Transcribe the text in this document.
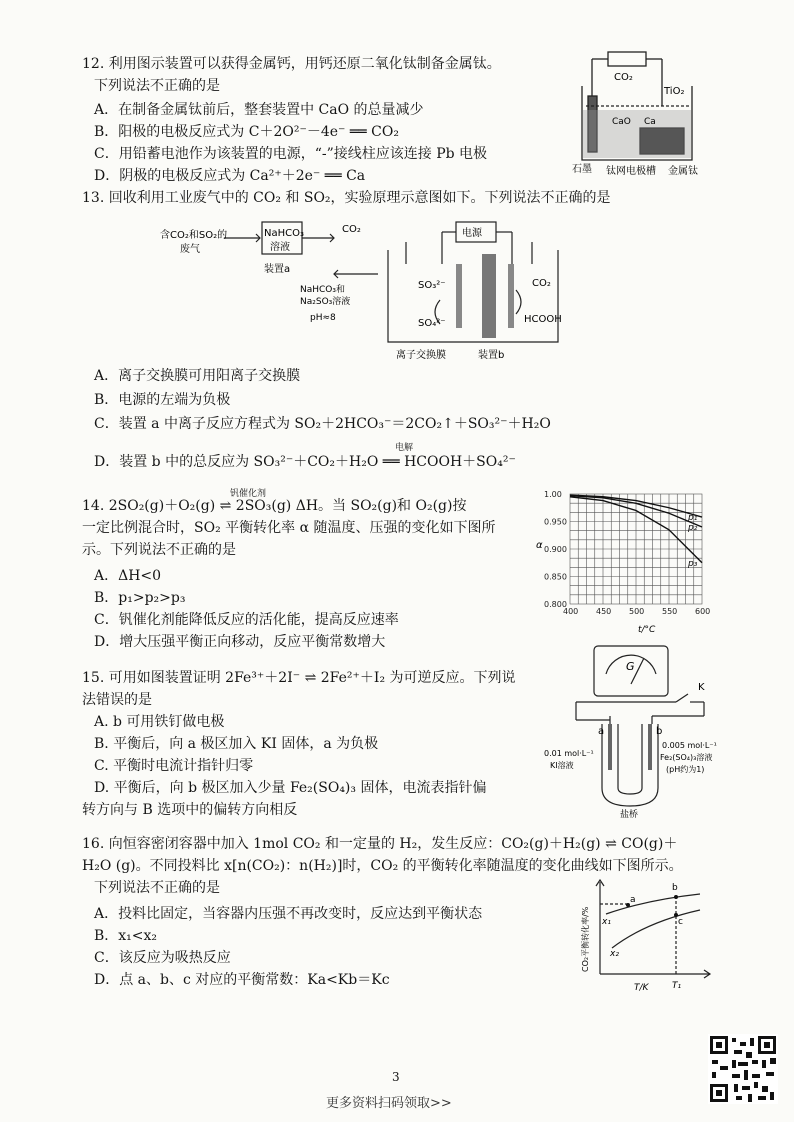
12. 利用图示装置可以获得金属钙，用钙还原二氧化钛制备金属钛。
下列说法不正确的是
A．在制备金属钛前后，整套装置中 CaO 的总量减少
B．阳极的电极反应式为 C＋2O²⁻－4e⁻ ══ CO₂
C．用铅蓄电池作为该装置的电源，“-”接线柱应该连接 Pb 电极
D．阴极的电极反应式为 Ca²⁺＋2e⁻ ══ Ca
CO₂
TiO₂
CaO Ca
石墨 钛网电极槽 金属钛
13. 回收利用工业废气中的 CO₂ 和 SO₂，实验原理示意图如下。下列说法不正确的是
含CO₂和SO₂的
废气
NaHCO₃
溶液
装置a
CO₂	电源
NaHCO₃和
Na₂SO₃溶液
pH≈8
SO₃²⁻
SO₄²⁻
CO₂
HCOOH
离子交换膜	装置b
A．离子交换膜可用阳离子交换膜
B．电源的左端为负极
C．装置 a 中离子反应方程式为 SO₂＋2HCO₃⁻＝2CO₂↑＋SO₃²⁻＋H₂O
电解
D．装置 b 中的总反应为 SO₃²⁻＋CO₂＋H₂O ══ HCOOH＋SO₄²⁻
钒催化剂
14. 2SO₂(g)＋O₂(g) ⇌ 2SO₃(g) ΔH。当 SO₂(g)和 O₂(g)按
一定比例混合时，SO₂ 平衡转化率 α 随温度、压强的变化如下图所
示。下列说法不正确的是
A．ΔH<0
B．p₁>p₂>p₃
C．钒催化剂能降低反应的活化能，提高反应速率
D．增大压强平衡正向移动，反应平衡常数增大
400 450 500 550 600
0.800
0.850
0.900
0.950
1.00
p₁
p₂
p₃
α
t/°C
15. 可用如图装置证明 2Fe³⁺＋2I⁻ ⇌ 2Fe²⁺＋I₂ 为可逆反应。下列说
法错误的是
A. b 可用铁钉做电极
B. 平衡后，向 a 极区加入 KI 固体，a 为负极
C. 平衡时电流计指针归零
D. 平衡后，向 b 极区加入少量 Fe₂(SO₄)₃ 固体，电流表指针偏
转方向与 B 选项中的偏转方向相反
G
K
a	b
0.01 mol·L⁻¹
KI溶液
0.005 mol·L⁻¹
Fe₂(SO₄)₃溶液
(pH约为1)
盐桥
16. 向恒容密闭容器中加入 1mol CO₂ 和一定量的 H₂，发生反应：CO₂(g)＋H₂(g) ⇌ CO(g)＋
H₂O (g)。不同投料比 x[n(CO₂)：n(H₂)]时，CO₂ 的平衡转化率随温度的变化曲线如下图所示。
下列说法不正确的是
A．投料比固定，当容器内压强不再改变时，反应达到平衡状态
B．x₁<x₂
C．该反应为吸热反应
D．点 a、b、c 对应的平衡常数：Ka<Kb＝Kc
CO₂平衡转化率/%
T/K	T₁
x₁
x₂
a
b
c
3
更多资料扫码领取>>
